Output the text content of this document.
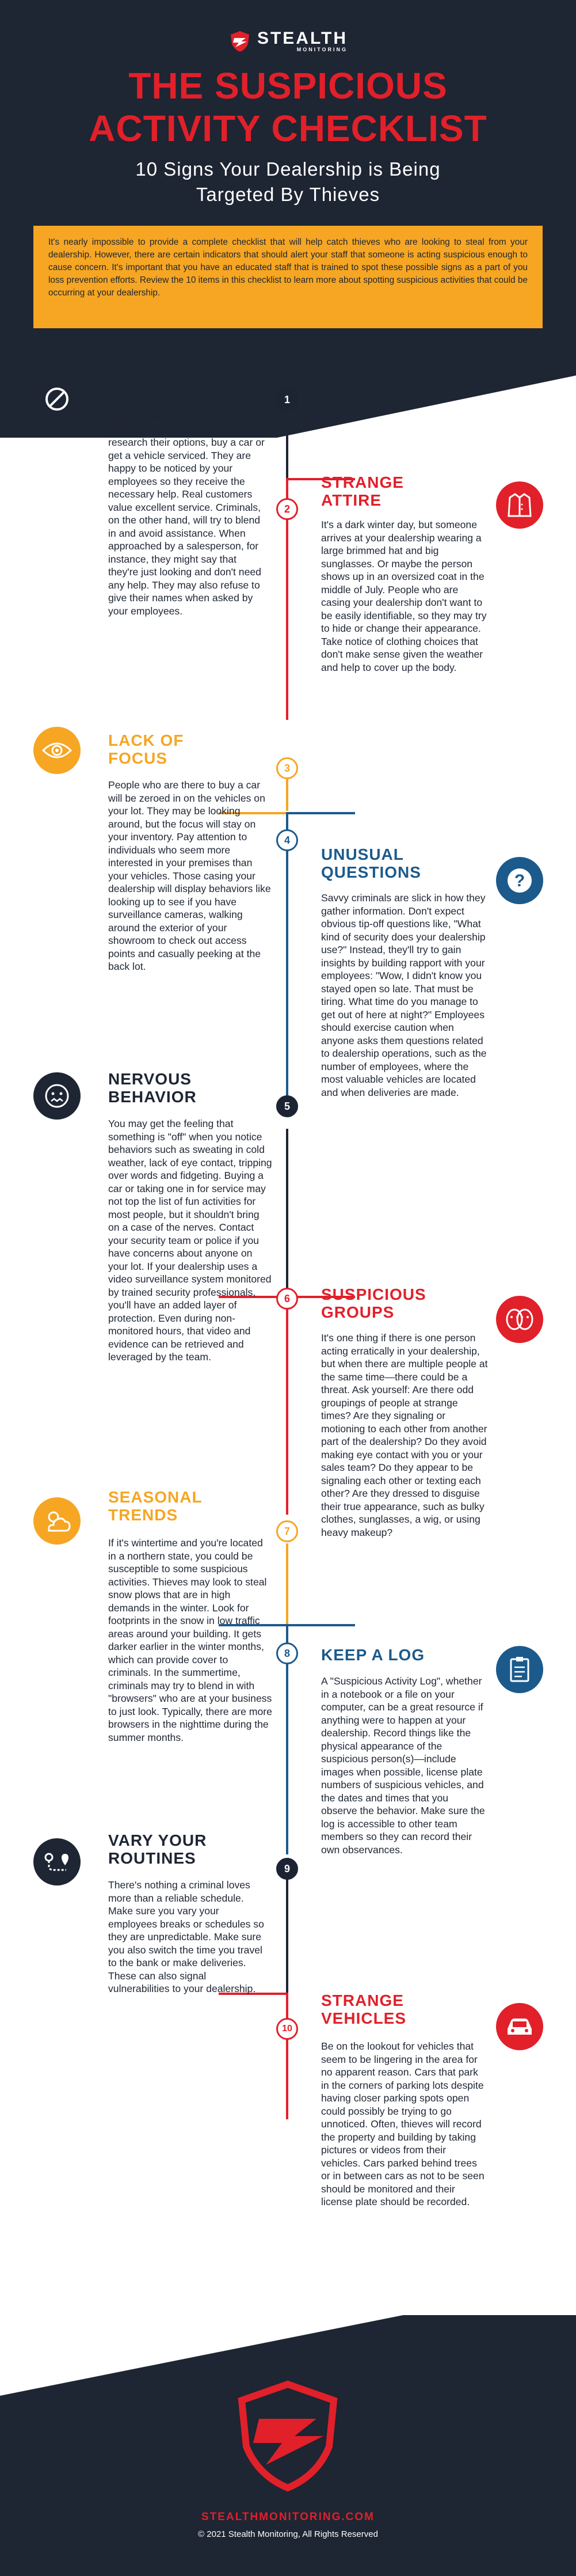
STEALTH
MONITORING
THE SUSPICIOUS
ACTIVITY CHECKLIST
10 Signs Your Dealership is Being
Targeted By Thieves
It's nearly impossible to provide a complete checklist that will help catch thieves who are looking to steal from your dealership. However, there are certain indicators that should alert your staff that someone is acting suspicious enough to cause concern. It's important that you have an educated staff that is trained to spot these possible signs as a part of you loss prevention efforts. Review the 10 items in this checklist to learn more about spotting suspicious activities that could be occurring at your dealership.
AVOIDING
ASSISTANCE	1
People arriving at a dealership tend to be there for a specific reason--to research their options, buy a car or get a vehicle serviced. They are happy to be noticed by your employees so they receive the necessary help. Real customers value excellent service. Criminals, on the other hand, will try to blend in and avoid assistance. When approached by a salesperson, for instance, they might say that they're just looking and don't need any help. They may also refuse to give their names when asked by your employees.
2
STRANGE
ATTIRE
It's a dark winter day, but someone arrives at your dealership wearing a large brimmed hat and big sunglasses. Or maybe the person shows up in an oversized coat in the middle of July. People who are casing your dealership don't want to be easily identifiable, so they may try to hide or change their appearance. Take notice of clothing choices that don't make sense given the weather and help to cover up the body.
LACK OF
FOCUS
3
People who are there to buy a car will be zeroed in on the vehicles on your lot. They may be looking around, but the focus will stay on your inventory. Pay attention to individuals who seem more interested in your premises than your vehicles. Those casing your dealership will display behaviors like looking up to see if you have surveillance cameras, walking around the exterior of your showroom to check out access points and casually peeking at the back lot.
4
UNUSUAL
QUESTIONS	?
Savvy criminals are slick in how they gather information. Don't expect obvious tip-off questions like, "What kind of security does your dealership use?" Instead, they'll try to gain insights by building rapport with your employees: "Wow, I didn't know you stayed open so late. That must be tiring. What time do you manage to get out of here at night?" Employees should exercise caution when anyone asks them questions related to dealership operations, such as the number of employees, where the most valuable vehicles are located and when deliveries are made.
NERVOUS
BEHAVIOR
5
You may get the feeling that something is "off" when you notice behaviors such as sweating in cold weather, lack of eye contact, tripping over words and fidgeting. Buying a car or taking one in for service may not top the list of fun activities for most people, but it shouldn't bring on a case of the nerves. Contact your security team or police if you have concerns about anyone on your lot. If your dealership uses a video surveillance system monitored by trained security professionals, you'll have an added layer of protection. Even during non-monitored hours, that video and evidence can be retrieved and leveraged by the team.
6	SUSPICIOUS
GROUPS
It's one thing if there is one person acting erratically in your dealership, but when there are multiple people at the same time—there could be a threat. Ask yourself: Are there odd groupings of people at strange times? Are they signaling or motioning to each other from another part of the dealership? Do they avoid making eye contact with you or your sales team? Do they appear to be signaling each other or texting each other? Are they dressed to disguise their true appearance, such as bulky clothes, sunglasses, a wig, or using heavy makeup?
SEASONAL
TRENDS
7
If it's wintertime and you're located in a northern state, you could be susceptible to some suspicious activities. Thieves may look to steal snow plows that are in high demands in the winter. Look for footprints in the snow in low traffic areas around your building. It gets darker earlier in the winter months, which can provide cover to criminals. In the summertime, criminals may try to blend in with "browsers" who are at your business to just look. Typically, there are more browsers in the nighttime during the summer months.
8	KEEP A LOG
A "Suspicious Activity Log", whether in a notebook or a file on your computer, can be a great resource if anything were to happen at your dealership. Record things like the physical appearance of the suspicious person(s)—include images when possible, license plate numbers of suspicious vehicles, and the dates and times that you observe the behavior. Make sure the log is accessible to other team members so they can record their own observances.
VARY YOUR
ROUTINES
9
There's nothing a criminal loves more than a reliable schedule. Make sure you vary your employees breaks or schedules so they are unpredictable. Make sure you also switch the time you travel to the bank or make deliveries. These can also signal vulnerabilities to your dealership.
10
STRANGE
VEHICLES
Be on the lookout for vehicles that seem to be lingering in the area for no apparent reason. Cars that park in the corners of parking lots despite having closer parking spots open could possibly be trying to go unnoticed. Often, thieves will record the property and building by taking pictures or videos from their vehicles. Cars parked behind trees or in between cars as not to be seen should be monitored and their license plate should be recorded.
STEALTHMONITORING.COM
© 2021 Stealth Monitoring, All Rights Reserved
